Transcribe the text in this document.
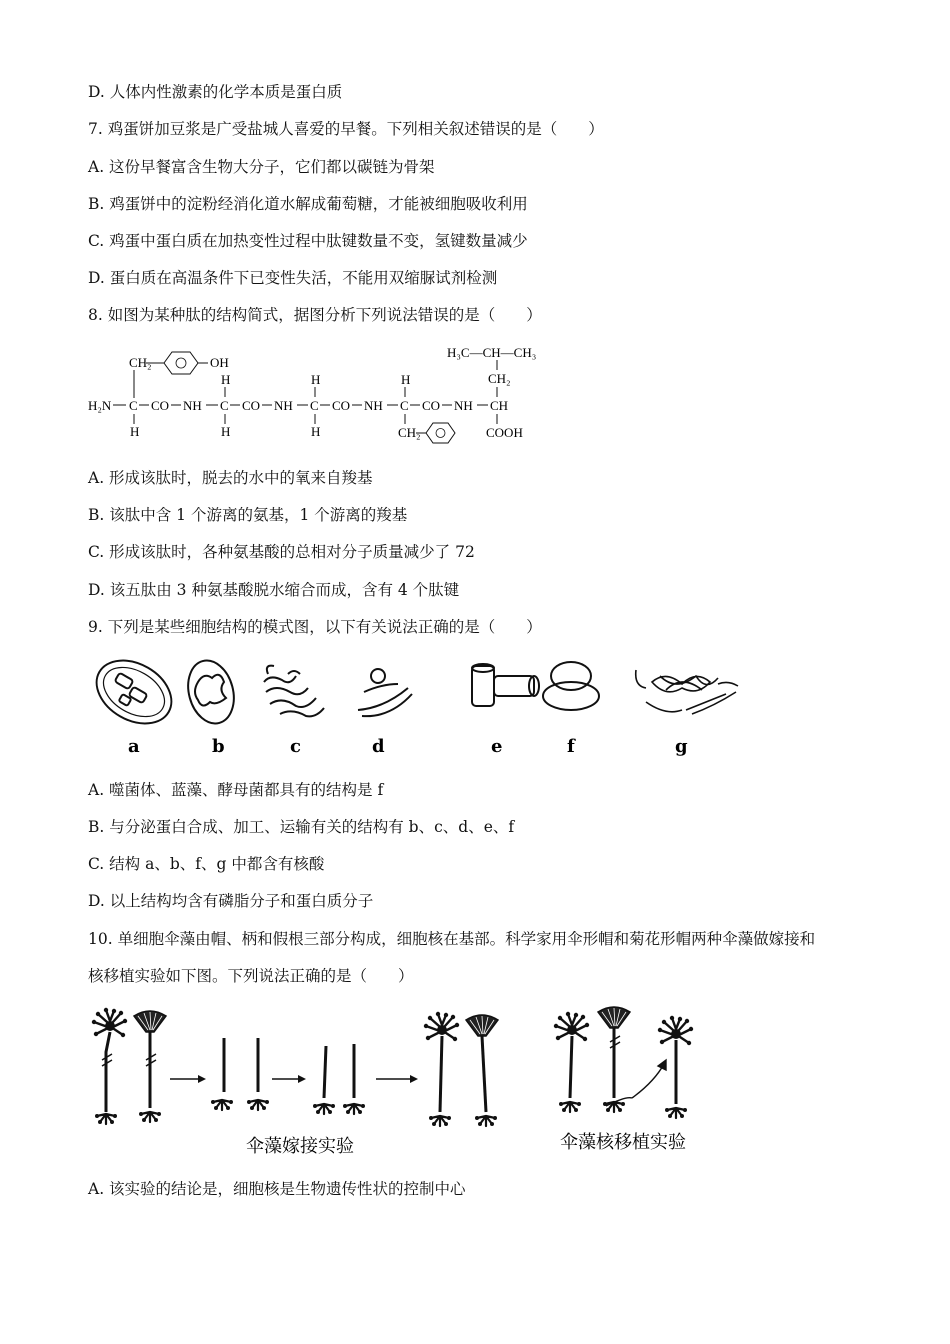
D. 人体内性激素的化学本质是蛋白质
7. 鸡蛋饼加豆浆是广受盐城人喜爱的早餐。下列相关叙述错误的是（　　）
A. 这份早餐富含生物大分子，它们都以碳链为骨架
B. 鸡蛋饼中的淀粉经消化道水解成葡萄糖，才能被细胞吸收利用
C. 鸡蛋中蛋白质在加热变性过程中肽键数量不变，氢键数量减少
D. 蛋白质在高温条件下已变性失活，不能用双缩脲试剂检测
8. 如图为某种肽的结构简式，据图分析下列说法错误的是（　　）
CH₂	OH
H₂N C CO NH C CO NH C CO NH C CO NH CH
H
H
H
H
H
H
CH₂
H₃C—CH—CH₃
CH₂
COOH
A. 形成该肽时，脱去的水中的氧来自羧基
B. 该肽中含 1 个游离的氨基，1 个游离的羧基
C. 形成该肽时，各种氨基酸的总相对分子质量减少了 72
D. 该五肽由 3 种氨基酸脱水缩合而成，含有 4 个肽键
9. 下列是某些细胞结构的模式图，以下有关说法正确的是（　　）
a	b	c	d	e	f	g
A. 噬菌体、蓝藻、酵母菌都具有的结构是 f
B. 与分泌蛋白合成、加工、运输有关的结构有 b、c、d、e、f
C. 结构 a、b、f、g 中都含有核酸
D. 以上结构均含有磷脂分子和蛋白质分子
10. 单细胞伞藻由帽、柄和假根三部分构成，细胞核在基部。科学家用伞形帽和菊花形帽两种伞藻做嫁接和
核移植实验如下图。下列说法正确的是（　　）
伞藻嫁接实验	伞藻核移植实验
A. 该实验的结论是，细胞核是生物遗传性状的控制中心
